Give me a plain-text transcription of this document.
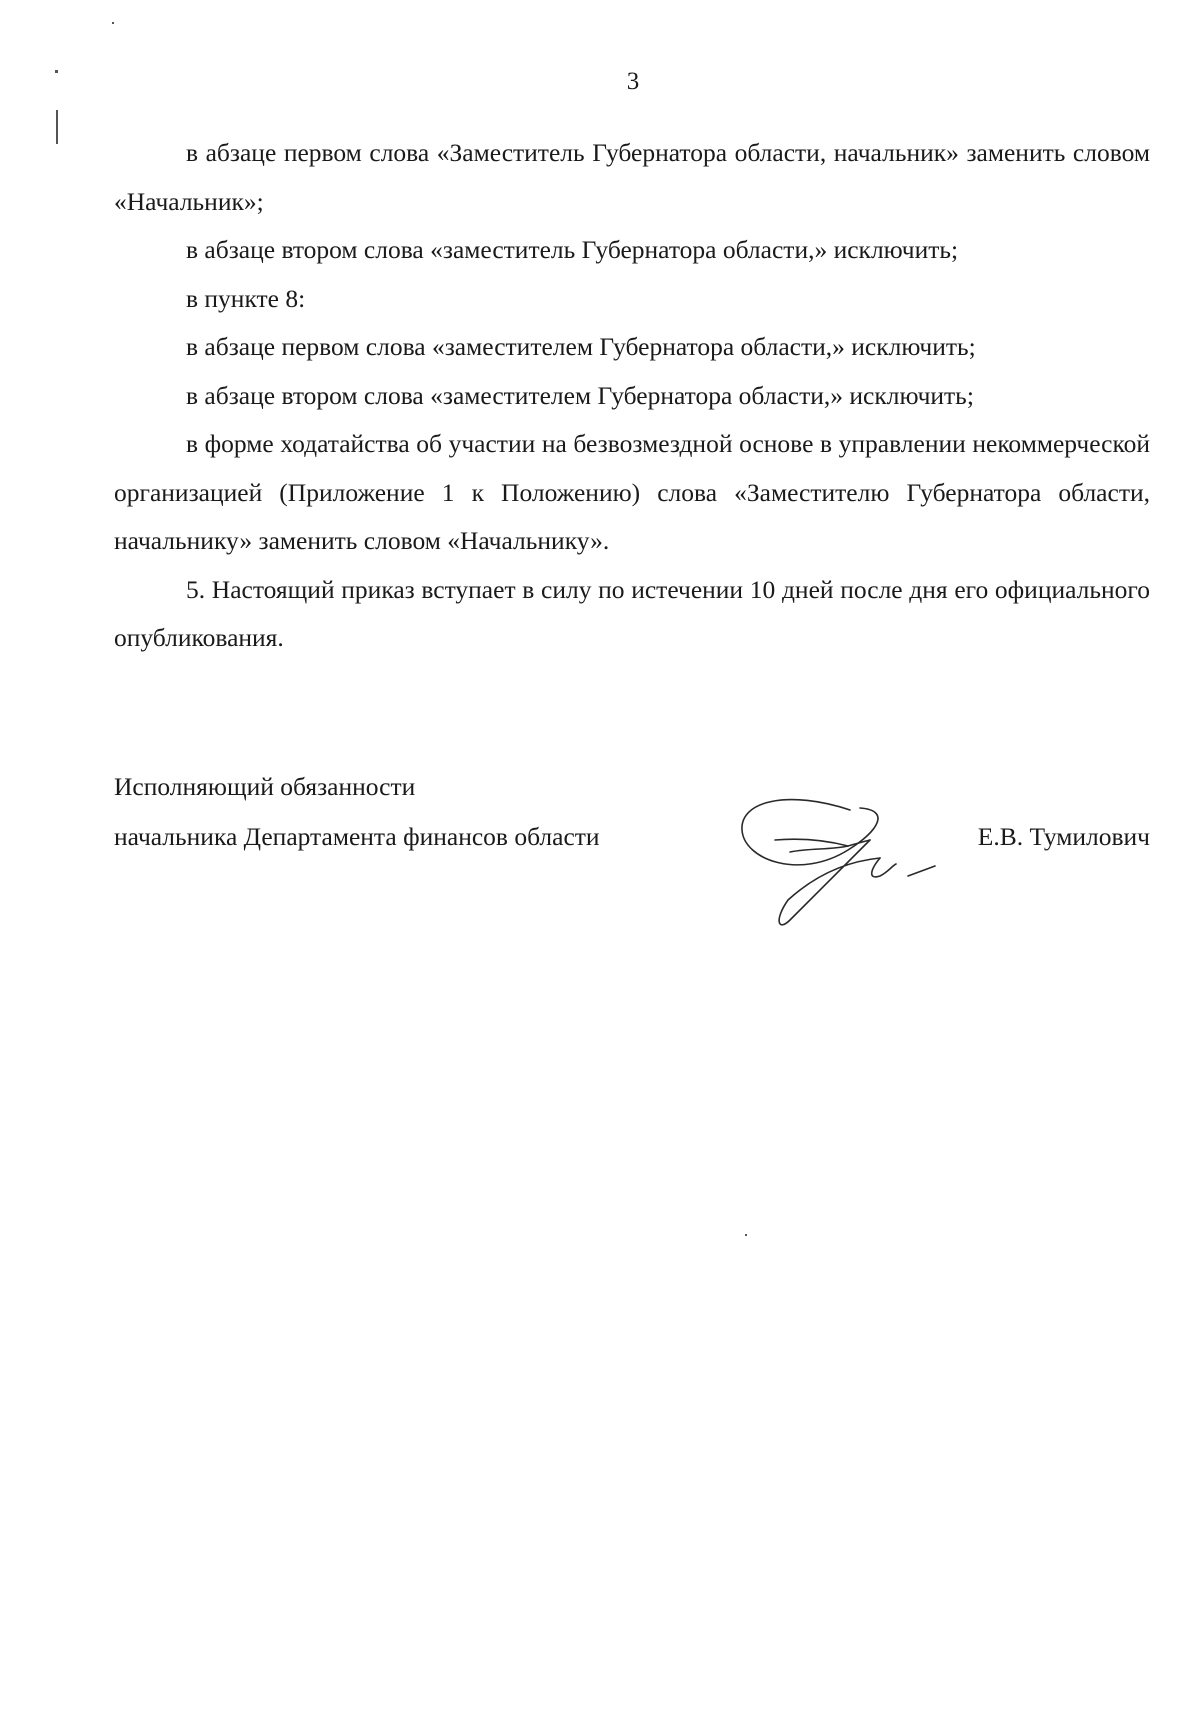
3

в абзаце первом слова «Заместитель Губернатора области, начальник» заменить словом «Начальник»;

в абзаце втором слова «заместитель Губернатора области,» исключить;

в пункте 8:

в абзаце первом слова «заместителем Губернатора области,» исключить;

в абзаце втором слова «заместителем Губернатора области,» исключить;

в форме ходатайства об участии на безвозмездной основе в управлении некоммерческой организацией (Приложение 1 к Положению) слова «Заместителю Губернатора области, начальнику» заменить словом «Начальнику».

5. Настоящий приказ вступает в силу по истечении 10 дней после дня его официального опубликования.

Исполняющий обязанности
начальника Департамента финансов области	Е.В. Тумилович
